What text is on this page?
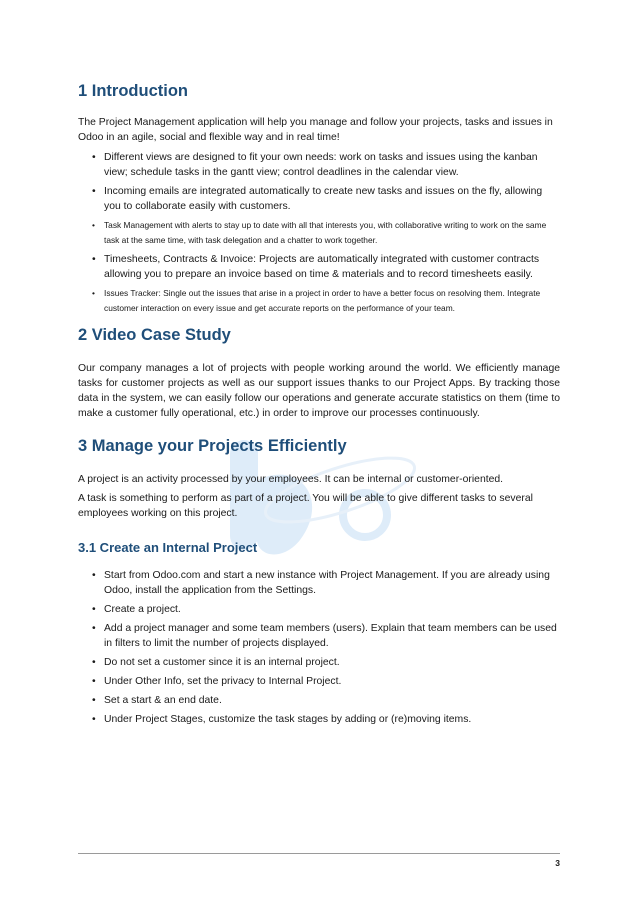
1 Introduction

The Project Management application will help you manage and follow your projects, tasks and issues in Odoo in an agile, social and flexible way and in real time!

• Different views are designed to fit your own needs: work on tasks and issues using the kanban view; schedule tasks in the gantt view; control deadlines in the calendar view.
• Incoming emails are integrated automatically to create new tasks and issues on the fly, allowing you to collaborate easily with customers.
• Task Management with alerts to stay up to date with all that interests you, with collaborative writing to work on the same task at the same time, with task delegation and a chatter to work together.
• Timesheets, Contracts & Invoice: Projects are automatically integrated with customer contracts allowing you to prepare an invoice based on time & materials and to record timesheets easily.
• Issues Tracker: Single out the issues that arise in a project in order to have a better focus on resolving them. Integrate customer interaction on every issue and get accurate reports on the performance of your team.
2 Video Case Study

Our company manages a lot of projects with people working around the world. We efficiently manage tasks for customer projects as well as our support issues thanks to our Project Apps. By tracking those data in the system, we can easily follow our operations and generate accurate statistics on them (time to make a customer fully operational, etc.) in order to improve our processes continuously.

3 Manage your Projects Efficiently

A project is an activity processed by your employees. It can be internal or customer-oriented.

A task is something to perform as part of a project. You will be able to give different tasks to several employees working on this project.

3.1 Create an Internal Project
• Start from Odoo.com and start a new instance with Project Management. If you are already using Odoo, install the application from the Settings.
• Create a project.
• Add a project manager and some team members (users). Explain that team members can be used in filters to limit the number of projects displayed.
• Do not set a customer since it is an internal project.
• Under Other Info, set the privacy to Internal Project.
• Set a start & an end date.
• Under Project Stages, customize the task stages by adding or (re)moving items.
3
